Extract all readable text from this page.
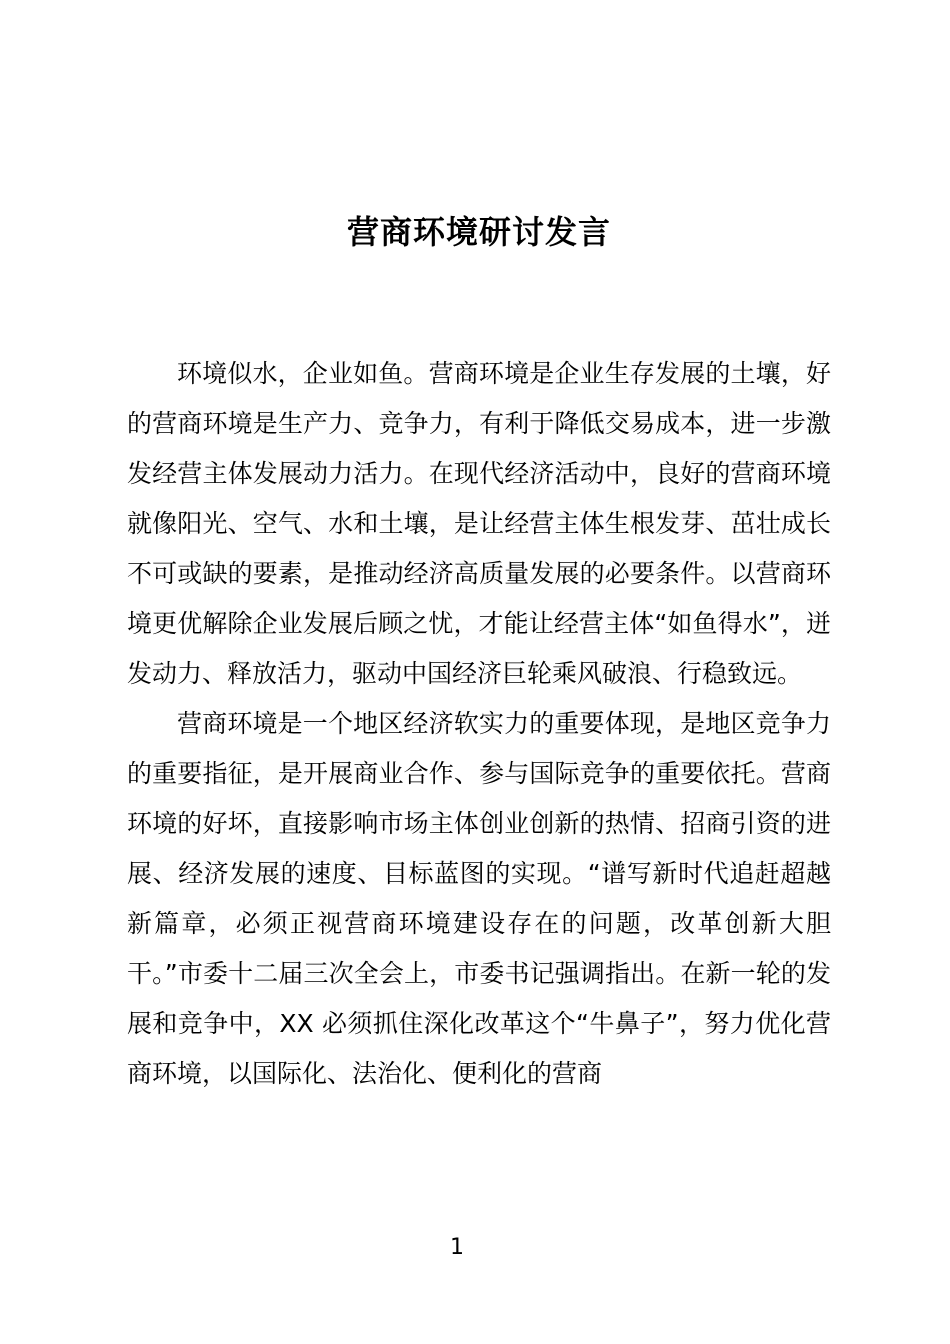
营商环境研讨发言

环境似水，企业如鱼。营商环境是企业生存发展的土壤，好的营商环境是生产力、竞争力，有利于降低交易成本，进一步激发经营主体发展动力活力。在现代经济活动中，良好的营商环境就像阳光、空气、水和土壤，是让经营主体生根发芽、茁壮成长不可或缺的要素，是推动经济高质量发展的必要条件。以营商环境更优解除企业发展后顾之忧，才能让经营主体“如鱼得水”，迸发动力、释放活力，驱动中国经济巨轮乘风破浪、行稳致远。

营商环境是一个地区经济软实力的重要体现，是地区竞争力的重要指征，是开展商业合作、参与国际竞争的重要依托。营商环境的好坏，直接影响市场主体创业创新的热情、招商引资的进展、经济发展的速度、目标蓝图的实现。“谱写新时代追赶超越新篇章，必须正视营商环境建设存在的问题，改革创新大胆干。”市委十二届三次全会上，市委书记强调指出。在新一轮的发展和竞争中，XX 必须抓住深化改革这个“牛鼻子”，努力优化营商环境，以国际化、法治化、便利化的营商

1
